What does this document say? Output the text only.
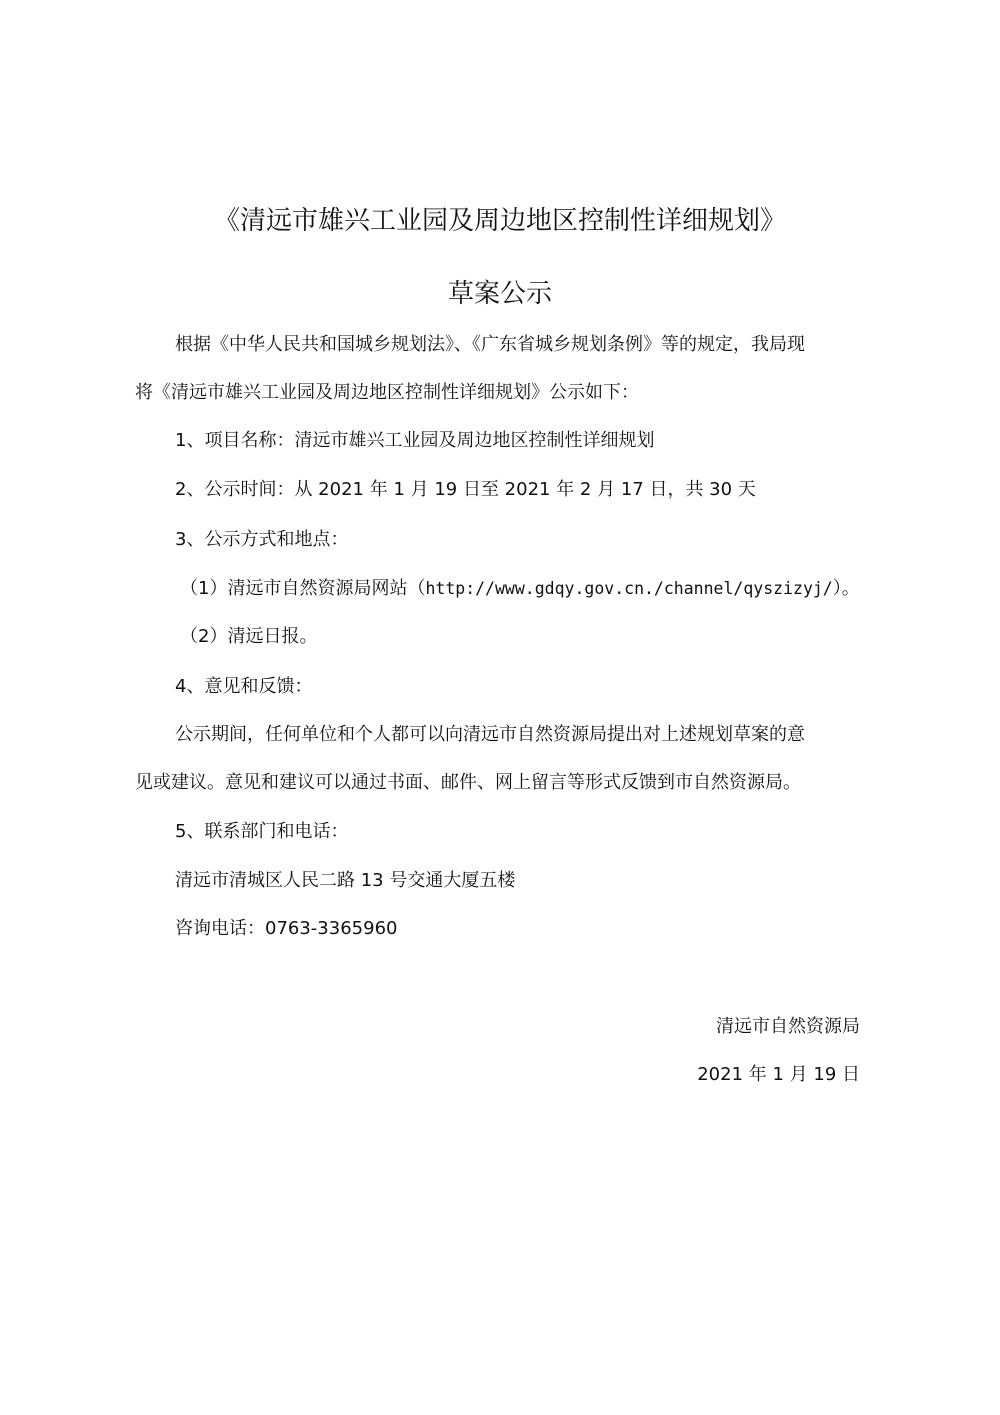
《清远市雄兴工业园及周边地区控制性详细规划》
草案公示
根据《中华人民共和国城乡规划法》、《广东省城乡规划条例》等的规定，我局现
将《清远市雄兴工业园及周边地区控制性详细规划》公示如下：
1、项目名称：清远市雄兴工业园及周边地区控制性详细规划
2、公示时间：从 2021 年 1 月 19 日至 2021 年 2 月 17 日，共 30 天
3、公示方式和地点：
（1）清远市自然资源局网站（http://www.gdqy.gov.cn./channel/qyszizyj/）。
（2）清远日报。
4、意见和反馈：
公示期间，任何单位和个人都可以向清远市自然资源局提出对上述规划草案的意
见或建议。意见和建议可以通过书面、邮件、网上留言等形式反馈到市自然资源局。
5、联系部门和电话：
清远市清城区人民二路 13 号交通大厦五楼
咨询电话：0763-3365960
清远市自然资源局
2021 年 1 月 19 日
